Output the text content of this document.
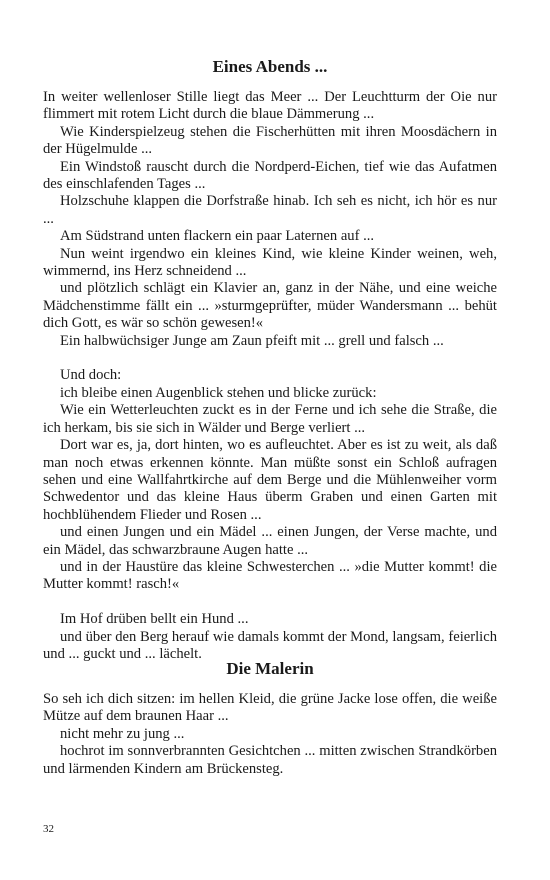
Eines Abends ...

In weiter wellenloser Stille liegt das Meer ... Der Leuchtturm der Oie nur flimmert mit rotem Licht durch die blaue Dämmerung ...

Wie Kinderspielzeug stehen die Fischerhütten mit ihren Moosdächern in der Hügelmulde ...

Ein Windstoß rauscht durch die Nordperd-Eichen, tief wie das Aufatmen des einschlafenden Tages ...

Holzschuhe klappen die Dorfstraße hinab. Ich seh es nicht, ich hör es nur ...

Am Südstrand unten flackern ein paar Laternen auf ...

Nun weint irgendwo ein kleines Kind, wie kleine Kinder weinen, weh, wimmernd, ins Herz schneidend ...

und plötzlich schlägt ein Klavier an, ganz in der Nähe, und eine weiche Mädchenstimme fällt ein ... »sturmgeprüfter, müder Wandersmann ... behüt dich Gott, es wär so schön gewesen!«

Ein halbwüchsiger Junge am Zaun pfeift mit ... grell und falsch ...

Und doch:

ich bleibe einen Augenblick stehen und blicke zurück:

Wie ein Wetterleuchten zuckt es in der Ferne und ich sehe die Straße, die ich herkam, bis sie sich in Wälder und Berge verliert ...

Dort war es, ja, dort hinten, wo es aufleuchtet. Aber es ist zu weit, als daß man noch etwas erkennen könnte. Man müßte sonst ein Schloß aufragen sehen und eine Wallfahrtkirche auf dem Berge und die Mühlenweiher vorm Schwedentor und das kleine Haus überm Graben und einen Garten mit hochblühendem Flieder und Rosen ...

und einen Jungen und ein Mädel ... einen Jungen, der Verse machte, und ein Mädel, das schwarzbraune Augen hatte ...

und in der Haustüre das kleine Schwesterchen ... »die Mutter kommt! die Mutter kommt! rasch!«

Im Hof drüben bellt ein Hund ...

und über den Berg herauf wie damals kommt der Mond, langsam, feierlich und ... guckt und ... lächelt.

Die Malerin

So seh ich dich sitzen: im hellen Kleid, die grüne Jacke lose offen, die weiße Mütze auf dem braunen Haar ...

nicht mehr zu jung ...

hochrot im sonnverbrannten Gesichtchen ... mitten zwischen Strandkörben und lärmenden Kindern am Brückensteg.

32
